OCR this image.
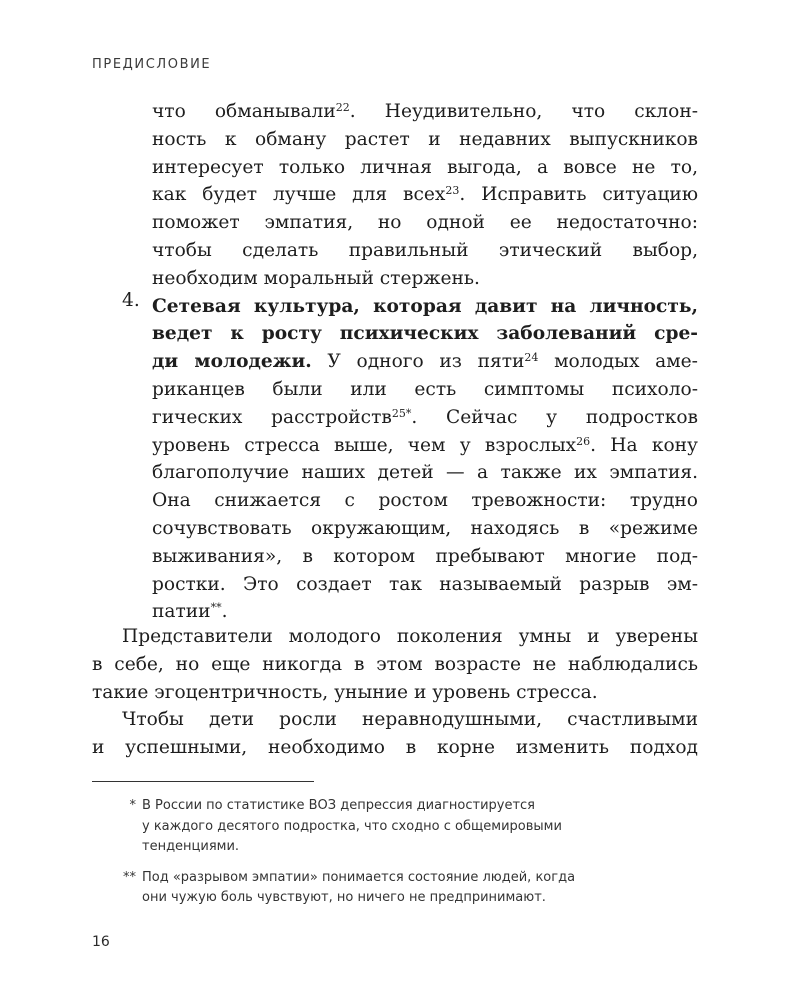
ПРЕДИСЛОВИЕ
что обманывали$^{22}$. Неудивительно, что склон-
ность к обману растет и недавних выпускников
интересует только личная выгода, а вовсе не то,
как будет лучше для всех$^{23}$. Исправить ситуацию
поможет эмпатия, но одной ее недостаточно:
чтобы сделать правильный этический выбор,
необходим моральный стержень.
Сетевая культура, которая давит на личность,
ведет к росту психических заболеваний сре-
ди молодежи. У одного из пяти$^{24}$ молодых аме-
риканцев были или есть симптомы психоло-
гических расстройств$^{25*}$. Сейчас у подростков
уровень стресса выше, чем у взрослых$^{26}$. На кону
благополучие наших детей — а также их эмпатия.
Она снижается с ростом тревожности: трудно
сочувствовать окружающим, находясь в «режиме
выживания», в котором пребывают многие под-
ростки. Это создает так называемый разрыв эм-
патии**.
4.
Представители молодого поколения умны и уверены
в себе, но еще никогда в этом возрасте не наблюдались
такие эгоцентричность, уныние и уровень стресса.
Чтобы дети росли неравнодушными, счастливыми
и успешными, необходимо в корне изменить подход
* В России по статистике ВОЗ депрессия диагностируется
у каждого десятого подростка, что сходно с общемировыми
тенденциями.
** Под «разрывом эмпатии» понимается состояние людей, когда
они чужую боль чувствуют, но ничего не предпринимают.
16
